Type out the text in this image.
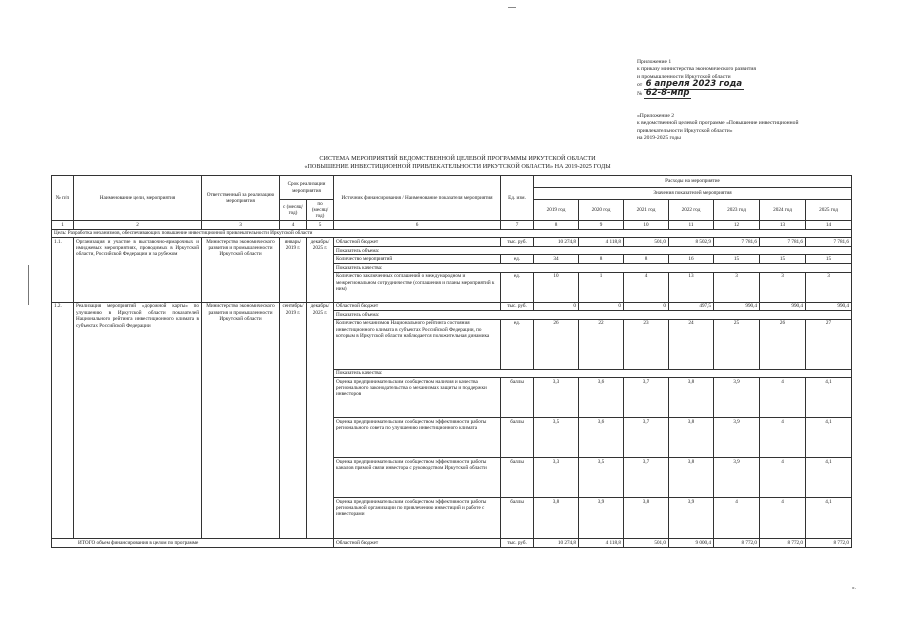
Приложение 1
к приказу министерства экономического развития
и промышленности Иркутской области
от 6 апреля 2023 года
№ 62-8-мпр
«Приложение 2
к ведомственной целевой программе «Повышение инвестиционной
привлекательности Иркутской области»
на 2019-2025 годы
СИСТЕМА МЕРОПРИЯТИЙ ВЕДОМСТВЕННОЙ ЦЕЛЕВОЙ ПРОГРАММЫ ИРКУТСКОЙ ОБЛАСТИ
«ПОВЫШЕНИЕ ИНВЕСТИЦИОННОЙ ПРИВЛЕКАТЕЛЬНОСТИ ИРКУТСКОЙ ОБЛАСТИ» НА 2019-2025 ГОДЫ
№ п/п	Наименование цели, мероприятия	Ответственный за реализацию мероприятия	Срок реализации мероприятия		Источник финансирования / Наименование показателя мероприятия	Ед. изм.	Расходы на мероприятие						
							Значения показателей мероприятия						
			с (месяц/год)	по (месяц/год)			2019 год	2020 год	2021 год	2022 год	2023 год	2024 год	2025 год
1	2	3	4	5	6	7	8	9	10	11	12	13	14
Цель: Разработка механизмов, обеспечивающих повышение инвестиционной привлекательности Иркутской области													
1.1.	Организация и участие в выставочно-ярмарочных и имиджевых мероприятиях, проводимых в Иркутской области, Российской Федерации и за рубежом	Министерство экономического развития и промышленности Иркутской области	январь/ 2019 г.	декабрь/ 2025 г.	Областной бюджет	тыс. руб.	10 274,8	4 118,8	501,0	8 502,9	7 781,6	7 781,6	7 781,6
					Показатель объема:								
					Количество мероприятий	ед.	34	8	8	16	15	15	15
					Показатель качества:								
					Количество заключенных соглашений о международном и межрегиональном сотрудничестве (соглашения и планы мероприятий к ним)	ед.	10	1	4	13	3	3	3
1.2.	Реализация мероприятий «дорожной карты» по улучшению в Иркутской области показателей Национального рейтинга инвестиционного климата в субъектах Российской Федерации	Министерство экономического развития и промышленности Иркутской области	сентябрь/ 2019 г.	декабрь/ 2025 г.	Областной бюджет	тыс. руб.	0	0	0	497,5	990,4	990,4	990,4
					Показатель объема:								
					Количество механизмов Национального рейтинга состояния инвестиционного климата в субъектах Российской Федерации, по которым в Иркутской области наблюдается положительная динамика	ед.	26	22	23	24	25	26	27
					Показатель качества:								
					Оценка предпринимательским сообществом наличия и качества регионального законодательства о механизмах защиты и поддержки инвесторов	баллы	3,3	3,6	3,7	3,8	3,9	4	4,1
					Оценка предпринимательским сообществом эффективности работы регионального совета по улучшению инвестиционного климата	баллы	3,5	3,6	3,7	3,8	3,9	4	4,1
					Оценка предпринимательским сообществом эффективности работы каналов прямой связи инвестора с руководством Иркутской области	баллы	3,3	3,5	3,7	3,8	3,9	4	4,1
					Оценка предпринимательским сообществом эффективности работы региональной организации по привлечению инвестиций и работе с инвесторами	баллы	3,8	3,9	3,8	3,9	4	4	4,1
ИТОГО объем финансирования в целом по программе					Областной бюджет	тыс. руб.	10 274,8	4 118,8	501,0	9 000,4	8 772,0	8 772,0	8 772,0
».
